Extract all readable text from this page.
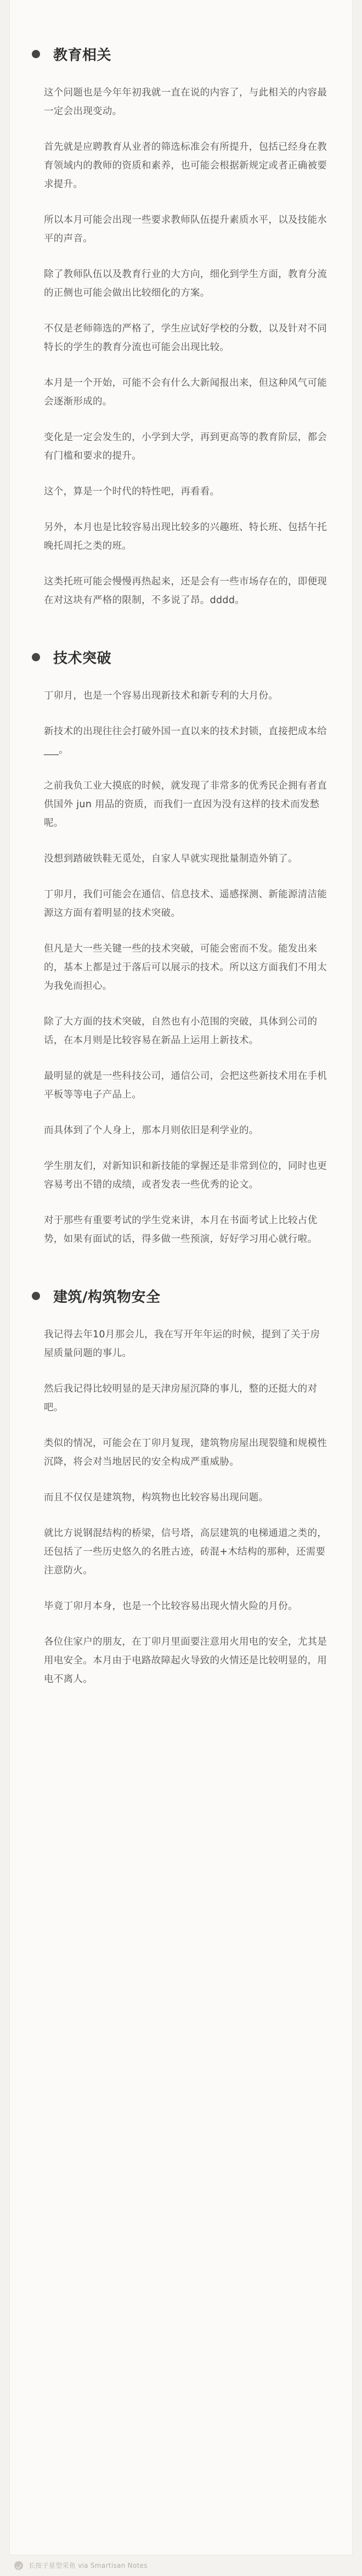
教育相关

这个问题也是今年年初我就一直在说的内容了，与此相关的内容最一定会出现变动。

首先就是应聘教育从业者的筛选标准会有所提升，包括已经身在教育领域内的教师的资质和素养，也可能会根据新规定或者正确被要求提升。

所以本月可能会出现一些要求教师队伍提升素质水平，以及技能水平的声音。

除了教师队伍以及教育行业的大方向，细化到学生方面，教育分流的正侧也可能会做出比较细化的方案。

不仅是老师筛选的严格了，学生应试好学校的分数，以及针对不同特长的学生的教育分流也可能会出现比较。

本月是一个开始，可能不会有什么大新闻报出来，但这种风气可能会逐渐形成的。

变化是一定会发生的，小学到大学，再到更高等的教育阶层，都会有门槛和要求的提升。

这个，算是一个时代的特性吧，再看看。

另外，本月也是比较容易出现比较多的兴趣班、特长班、包括午托晚托周托之类的班。

这类托班可能会慢慢再热起来，还是会有一些市场存在的，即便现在对这块有严格的限制，不多说了昂。dddd。

技术突破

丁卯月，也是一个容易出现新技术和新专利的大月份。

新技术的出现往往会打破外国一直以来的技术封锁，直接把成本给___。

之前我负工业大摸底的时候，就发现了非常多的优秀民企拥有者直供国外 jun 用品的资质，而我们一直因为没有这样的技术而发愁呢。

没想到踏破铁鞋无觅处，自家人早就实现批量制造外销了。

丁卯月，我们可能会在通信、信息技术、遥感探测、新能源清洁能源这方面有着明显的技术突破。

但凡是大一些关键一些的技术突破，可能会密而不发。能发出来的，基本上都是过于落后可以展示的技术。所以这方面我们不用太为我免而担心。

除了大方面的技术突破，自然也有小范围的突破，具体到公司的话，在本月则是比较容易在新品上运用上新技术。

最明显的就是一些科技公司，通信公司，会把这些新技术用在手机平板等等电子产品上。

而具体到了个人身上，那本月则依旧是利学业的。

学生朋友们，对新知识和新技能的掌握还是非常到位的，同时也更容易考出不错的成绩，或者发表一些优秀的论文。

对于那些有重要考试的学生党来讲，本月在书面考试上比较占优势，如果有面试的话，得多做一些预演，好好学习用心就行啦。

建筑/构筑物安全

我记得去年10月那会儿，我在写开年年运的时候，提到了关于房屋质量问题的事儿。

然后我记得比较明显的是天津房屋沉降的事儿，整的还挺大的对吧。

类似的情况，可能会在丁卯月复现，建筑物房屋出现裂缝和规模性沉降，将会对当地居民的安全构成严重威胁。

而且不仅仅是建筑物，构筑物也比较容易出现问题。

就比方说钢混结构的桥梁，信号塔，高层建筑的电梯通道之类的，还包括了一些历史悠久的名胜古迹，砖混+木结构的那种，还需要注意防火。

毕竟丁卯月本身，也是一个比较容易出现火情火险的月份。

各位住家户的朋友，在丁卯月里面要注意用火用电的安全，尤其是用电安全。本月由于电路故障起火导致的火情还是比较明显的，用电不离人。

长按子星型采鱼 via Smartisan Notes
